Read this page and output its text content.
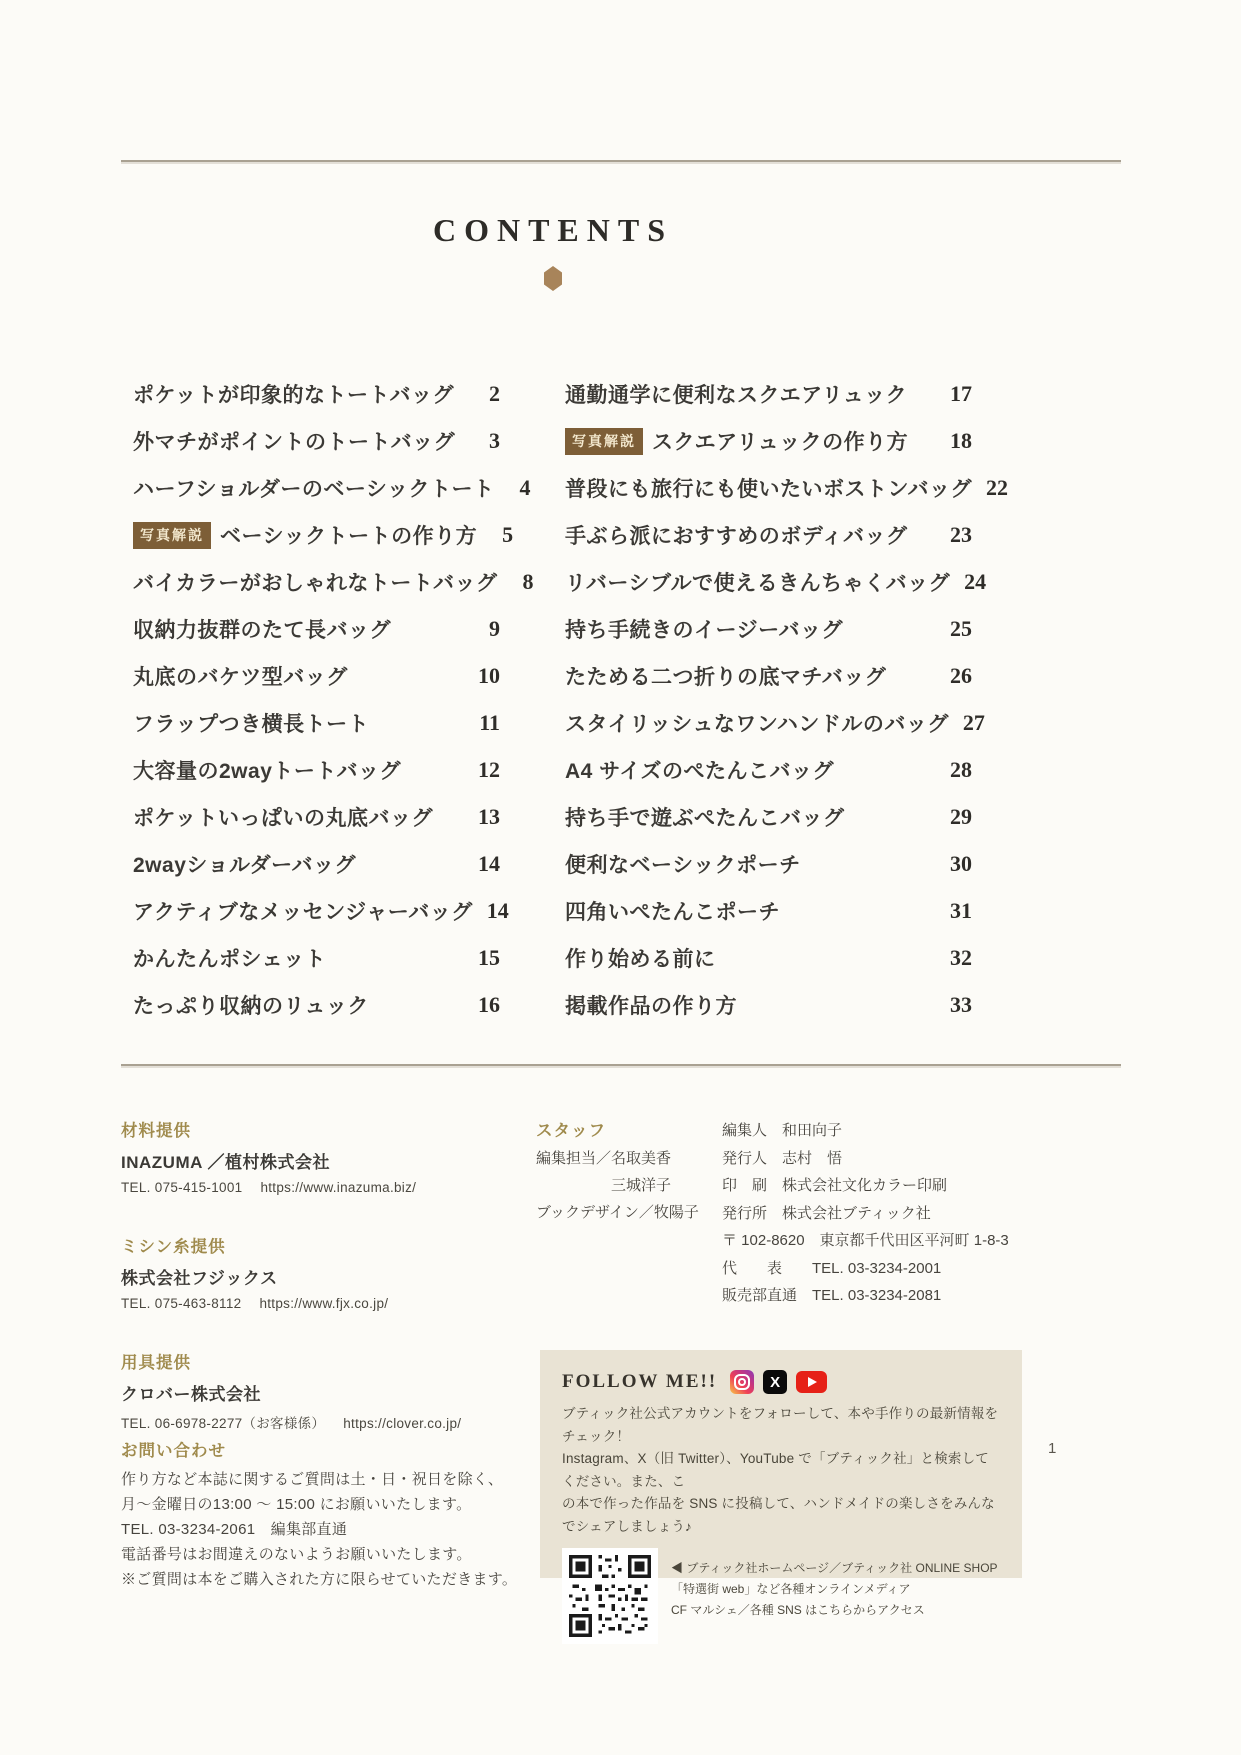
CONTENTS
ポケットが印象的なトートバッグ	2
外マチがポイントのトートバッグ	3
ハーフショルダーのベーシックトート	4
写真解説 ベーシックトートの作り方	5
バイカラーがおしゃれなトートバッグ	8
収納力抜群のたて長バッグ	9
丸底のバケツ型バッグ	10
フラップつき横長トート	11
大容量の2wayトートバッグ	12
ポケットいっぱいの丸底バッグ	13
2wayショルダーバッグ	14
アクティブなメッセンジャーバッグ 14
かんたんポシェット	15
たっぷり収納のリュック	16
通勤通学に便利なスクエアリュック	17
写真解説 スクエアリュックの作り方	18
普段にも旅行にも使いたいボストンバッグ 22
手ぶら派におすすめのボディバッグ	23
リバーシブルで使えるきんちゃくバッグ 24
持ち手続きのイージーバッグ	25
たためる二つ折りの底マチバッグ	26
スタイリッシュなワンハンドルのバッグ 27
A4 サイズのぺたんこバッグ	28
持ち手で遊ぶぺたんこバッグ	29
便利なベーシックポーチ	30
四角いぺたんこポーチ	31
作り始める前に	32
掲載作品の作り方	33
材料提供
INAZUMA ／植村株式会社
TEL. 075-415-1001 https://www.inazuma.biz/
ミシン糸提供
株式会社フジックス
TEL. 075-463-8112 https://www.fjx.co.jp/
用具提供
クロバー株式会社
TEL. 06-6978-2277（お客様係） https://clover.co.jp/
お問い合わせ
作り方など本誌に関するご質問は土・日・祝日を除く、
月～金曜日の13:00 ～ 15:00 にお願いいたします。
TEL. 03-3234-2061　編集部直通
電話番号はお間違えのないようお願いいたします。
※ご質問は本をご購入された方に限らせていただきます。
スタッフ
編集担当／名取美香
　　　　　三城洋子
ブックデザイン／牧陽子
編集人　和田向子
発行人　志村　悟
印　刷　株式会社文化カラー印刷
発行所　株式会社ブティック社
〒 102-8620　東京都千代田区平河町 1-8-3
代　　表　　TEL. 03-3234-2001
販売部直通　TEL. 03-3234-2081
FOLLOW ME!!	X
ブティック社公式アカウントをフォローして、本や手作りの最新情報をチェック！
Instagram、X（旧 Twitter）、YouTube で「ブティック社」と検索してください。また、こ
の本で作った作品を SNS に投稿して、ハンドメイドの楽しさをみんなでシェアしましょう♪
◀ ブティック社ホームページ／ブティック社 ONLINE SHOP
「特選街 web」など各種オンラインメディア
CF マルシェ／各種 SNS はこちらからアクセス
1
